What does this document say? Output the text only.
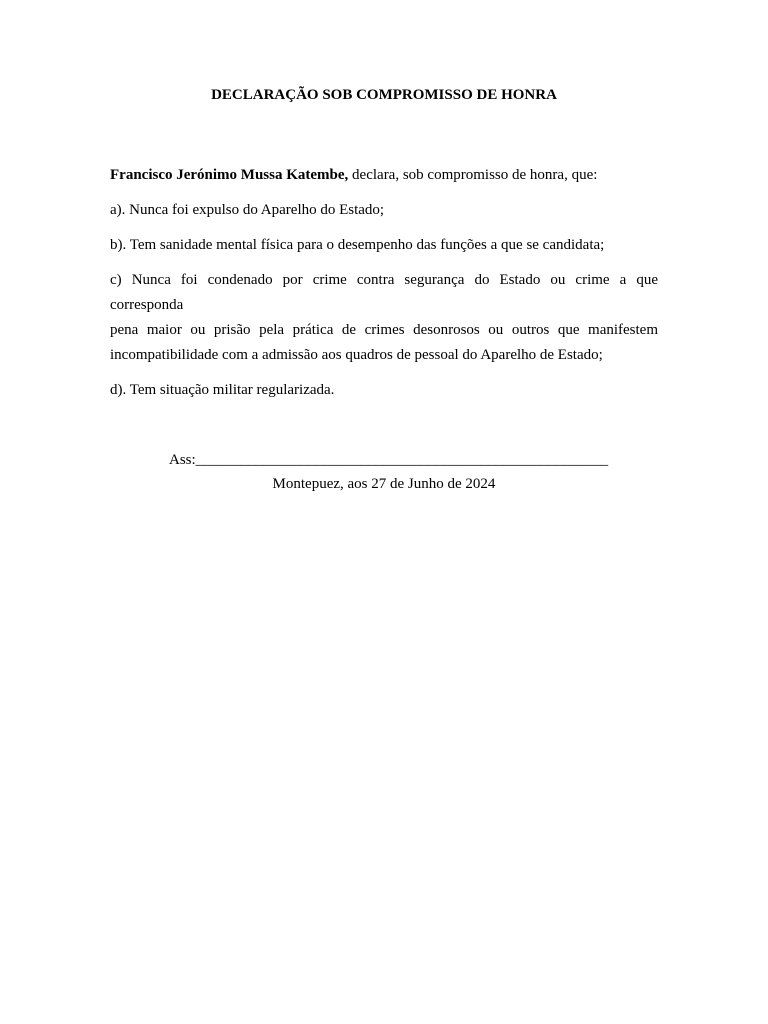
DECLARAÇÃO SOB COMPROMISSO DE HONRA
Francisco Jerónimo Mussa Katembe, declara, sob compromisso de honra, que:
a). Nunca foi expulso do Aparelho do Estado;
b). Tem sanidade mental física para o desempenho das funções a que se candidata;
c) Nunca foi condenado por crime contra segurança do Estado ou crime a que
corresponda
pena maior ou prisão pela prática de crimes desonrosos ou outros que manifestem
incompatibilidade com a admissão aos quadros de pessoal do Aparelho de Estado;
d). Tem situação militar regularizada.
Ass:_______________________________________________________
Montepuez, aos 27 de Junho de 2024
